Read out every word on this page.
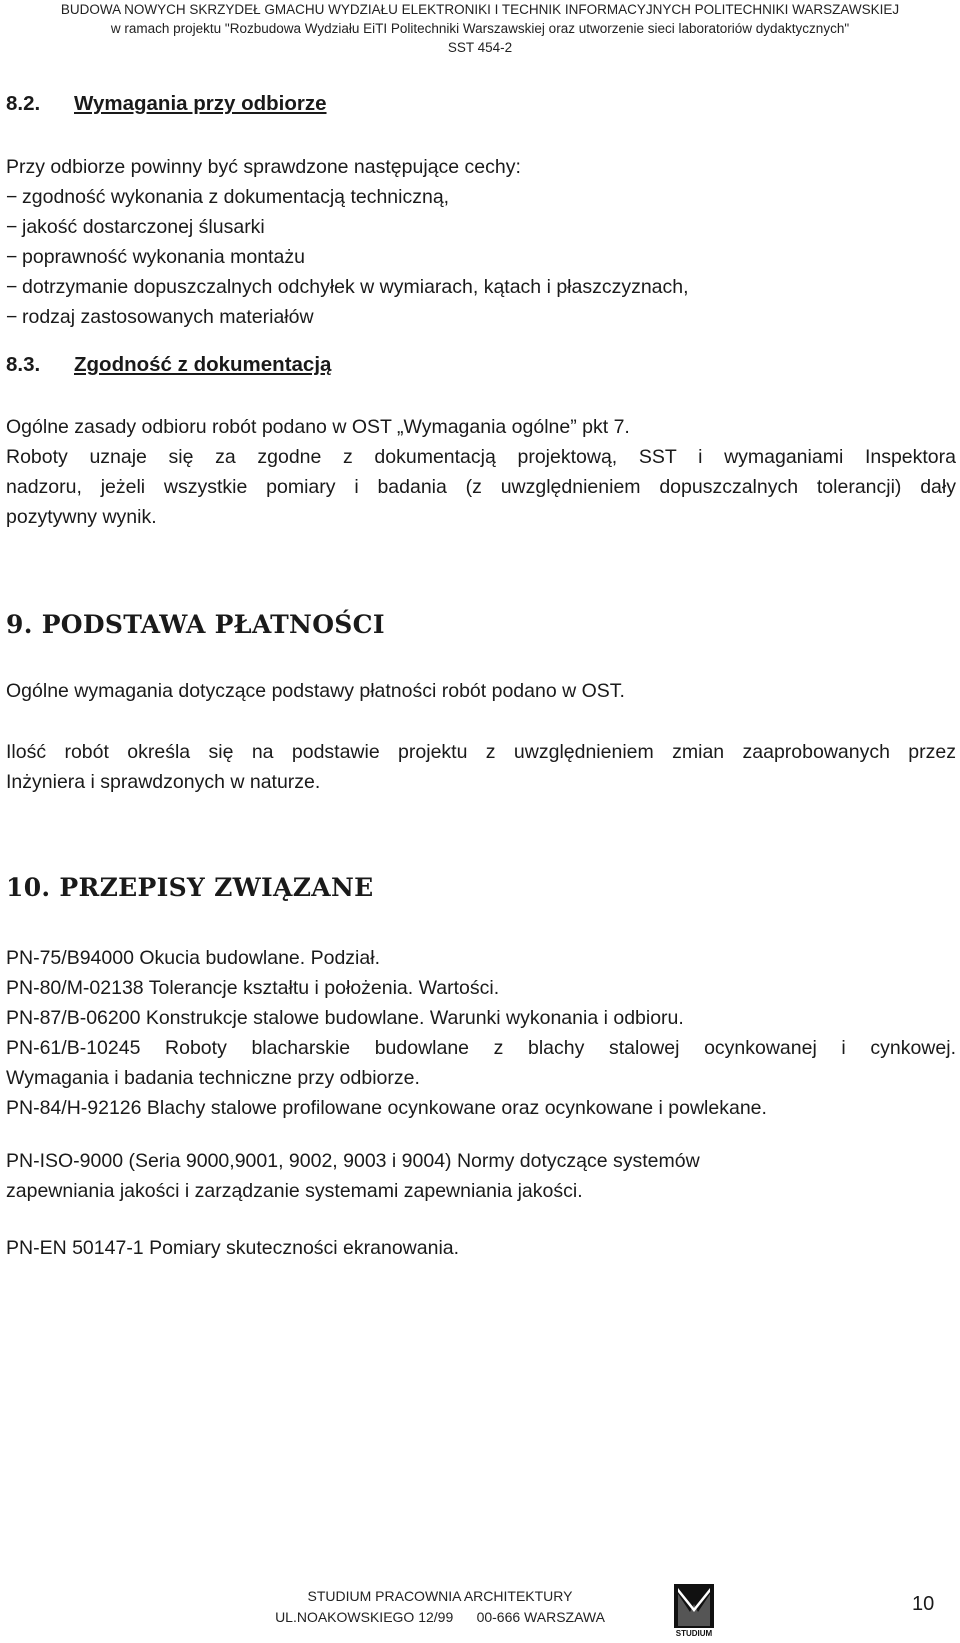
BUDOWA NOWYCH SKRZYDEŁ GMACHU WYDZIAŁU ELEKTRONIKI I TECHNIK INFORMACYJNYCH POLITECHNIKI WARSZAWSKIEJ
w ramach projektu "Rozbudowa Wydziału EiTI Politechniki Warszawskiej oraz utworzenie sieci laboratoriów dydaktycznych"
SST 454-2
8.2. Wymagania przy odbiorze
Przy odbiorze powinny być sprawdzone następujące cechy:
− zgodność wykonania z dokumentacją techniczną,
− jakość dostarczonej ślusarki
− poprawność wykonania montażu
− dotrzymanie dopuszczalnych odchyłek w wymiarach, kątach i płaszczyznach,
− rodzaj zastosowanych materiałów
8.3. Zgodność z dokumentacją
Ogólne zasady odbioru robót podano w OST „Wymagania ogólne” pkt 7.
Roboty uznaje się za zgodne z dokumentacją projektową, SST i wymaganiami Inspektora
nadzoru, jeżeli wszystkie pomiary i badania (z uwzględnieniem dopuszczalnych tolerancji) dały
pozytywny wynik.
9. PODSTAWA PŁATNOŚCI
Ogólne wymagania dotyczące podstawy płatności robót podano w OST.
Ilość robót określa się na podstawie projektu z uwzględnieniem zmian zaaprobowanych przez
Inżyniera i sprawdzonych w naturze.
10. PRZEPISY ZWIĄZANE
PN-75/B94000 Okucia budowlane. Podział.
PN-80/M-02138 Tolerancje kształtu i położenia. Wartości.
PN-87/B-06200 Konstrukcje stalowe budowlane. Warunki wykonania i odbioru.
PN-61/B-10245 Roboty blacharskie budowlane z blachy stalowej ocynkowanej i cynkowej.
Wymagania i badania techniczne przy odbiorze.
PN-84/H-92126 Blachy stalowe profilowane ocynkowane oraz ocynkowane i powlekane.
PN-ISO-9000 (Seria 9000,9001, 9002, 9003 i 9004) Normy dotyczące systemów
zapewniania jakości i zarządzanie systemami zapewniania jakości.
PN-EN 50147-1 Pomiary skuteczności ekranowania.
STUDIUM PRACOWNIA ARCHITEKTURY
UL.NOAKOWSKIEGO 12/99      00-666 WARSZAWA
STUDIUM
10
